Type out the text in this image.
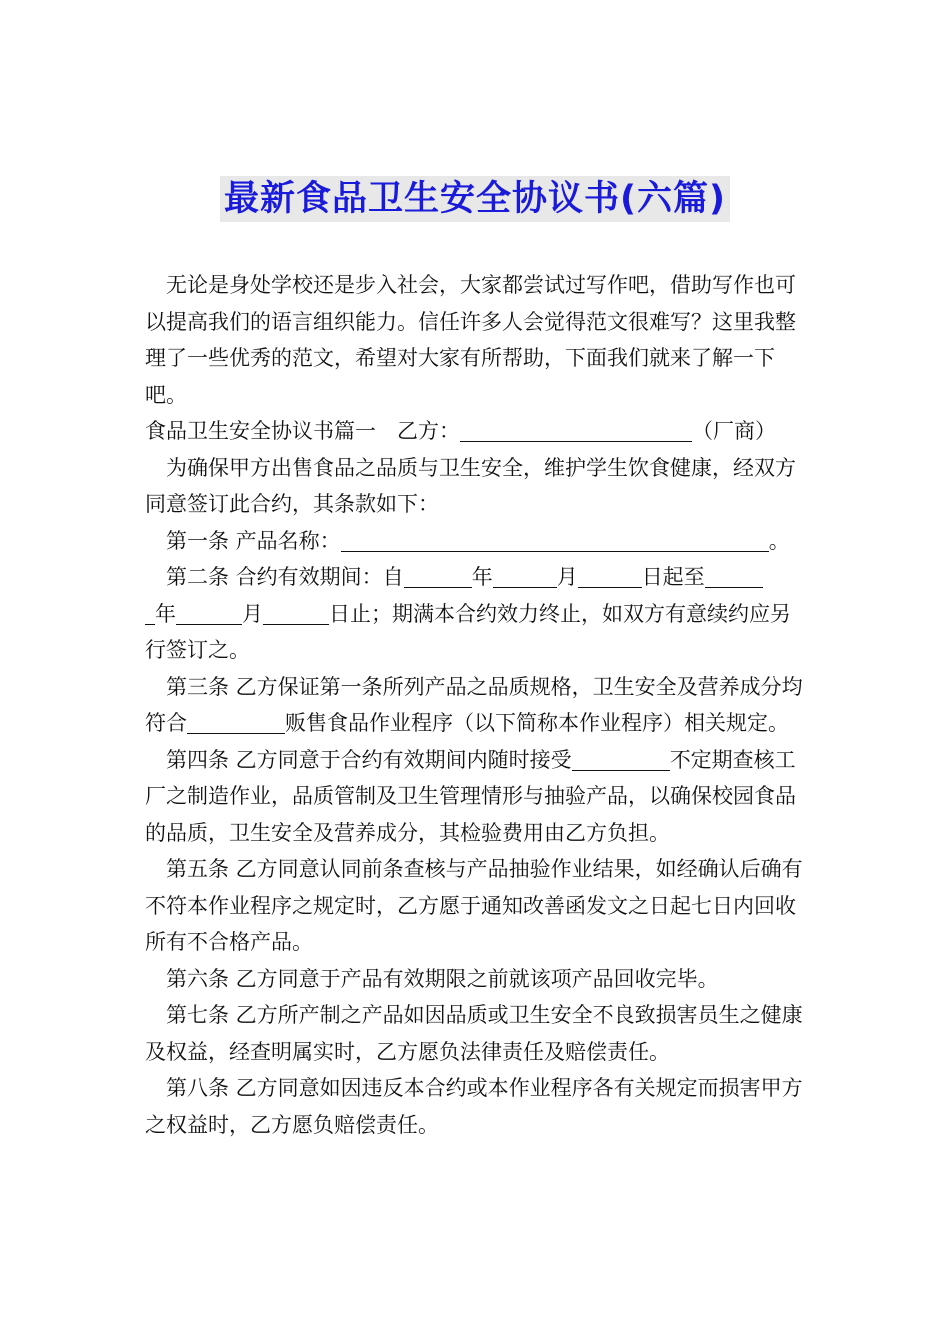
最新食品卫生安全协议书(六篇)

无论是身处学校还是步入社会，大家都尝试过写作吧，借助写作也可以提高我们的语言组织能力。信任许多人会觉得范文很难写？这里我整理了一些优秀的范文，希望对大家有所帮助，下面我们就来了解一下吧。

食品卫生安全协议书篇一　乙方：	（厂商）

为确保甲方出售食品之品质与卫生安全，维护学生饮食健康，经双方同意签订此合约，其条款如下：

第一条 产品名称：	。

第二条 合约有效期间：自	年	月	日起至
年	月	日止；期满本合约效力终止，如双方有意续约应另行签订之。

第三条 乙方保证第一条所列产品之品质规格，卫生安全及营养成分均符合	贩售食品作业程序（以下简称本作业程序）相关规定。

第四条 乙方同意于合约有效期间内随时接受	不定期查核工厂之制造作业，品质管制及卫生管理情形与抽验产品，以确保校园食品的品质，卫生安全及营养成分，其检验费用由乙方负担。

第五条 乙方同意认同前条查核与产品抽验作业结果，如经确认后确有不符本作业程序之规定时，乙方愿于通知改善函发文之日起七日内回收所有不合格产品。

第六条 乙方同意于产品有效期限之前就该项产品回收完毕。

第七条 乙方所产制之产品如因品质或卫生安全不良致损害员生之健康及权益，经查明属实时，乙方愿负法律责任及赔偿责任。

第八条 乙方同意如因违反本合约或本作业程序各有关规定而损害甲方之权益时，乙方愿负赔偿责任。
